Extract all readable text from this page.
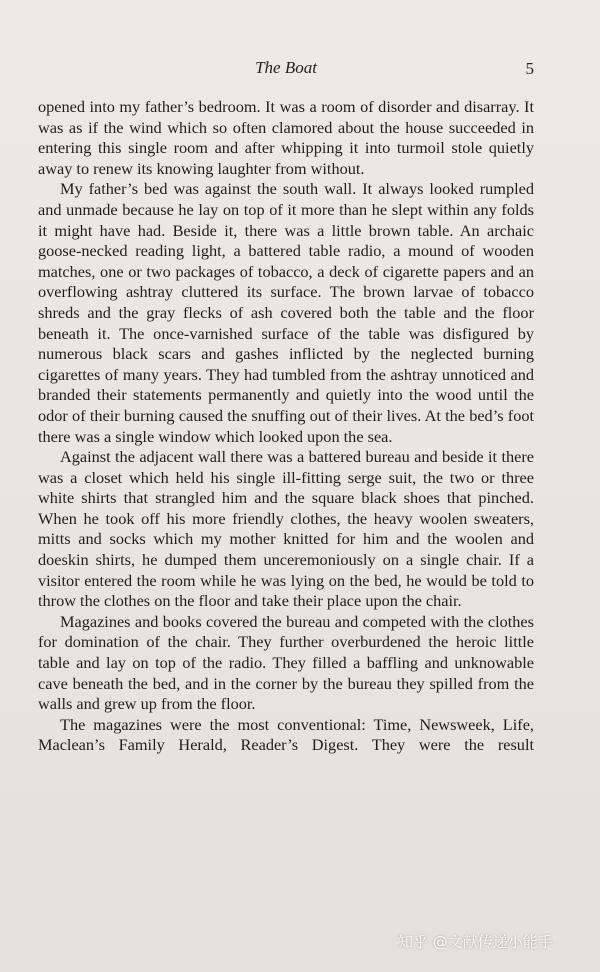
The Boat	5

opened into my father’s bedroom. It was a room of disorder and disarray. It was as if the wind which so often clamored about the house succeeded in entering this single room and after whipping it into turmoil stole quietly away to renew its knowing laughter from without.

My father’s bed was against the south wall. It always looked rumpled and unmade because he lay on top of it more than he slept within any folds it might have had. Beside it, there was a little brown table. An archaic goose-necked reading light, a battered table radio, a mound of wooden matches, one or two packages of tobacco, a deck of cigarette papers and an overflowing ashtray cluttered its surface. The brown larvae of tobacco shreds and the gray flecks of ash covered both the table and the floor beneath it. The once-varnished surface of the table was disfigured by numerous black scars and gashes inflicted by the neglected burning cigarettes of many years. They had tumbled from the ashtray unnoticed and branded their statements permanently and quietly into the wood until the odor of their burning caused the snuffing out of their lives. At the bed’s foot there was a single window which looked upon the sea.

Against the adjacent wall there was a battered bureau and beside it there was a closet which held his single ill-fitting serge suit, the two or three white shirts that strangled him and the square black shoes that pinched. When he took off his more friendly clothes, the heavy woolen sweaters, mitts and socks which my mother knitted for him and the woolen and doeskin shirts, he dumped them unceremoniously on a single chair. If a visitor entered the room while he was lying on the bed, he would be told to throw the clothes on the floor and take their place upon the chair.

Magazines and books covered the bureau and competed with the clothes for domination of the chair. They further overburdened the heroic little table and lay on top of the radio. They filled a baffling and unknowable cave beneath the bed, and in the corner by the bureau they spilled from the walls and grew up from the floor.

The magazines were the most conventional: Time, Newsweek, Life, Maclean’s Family Herald, Reader’s Digest. They were the result

知乎 @文献传递小能手
